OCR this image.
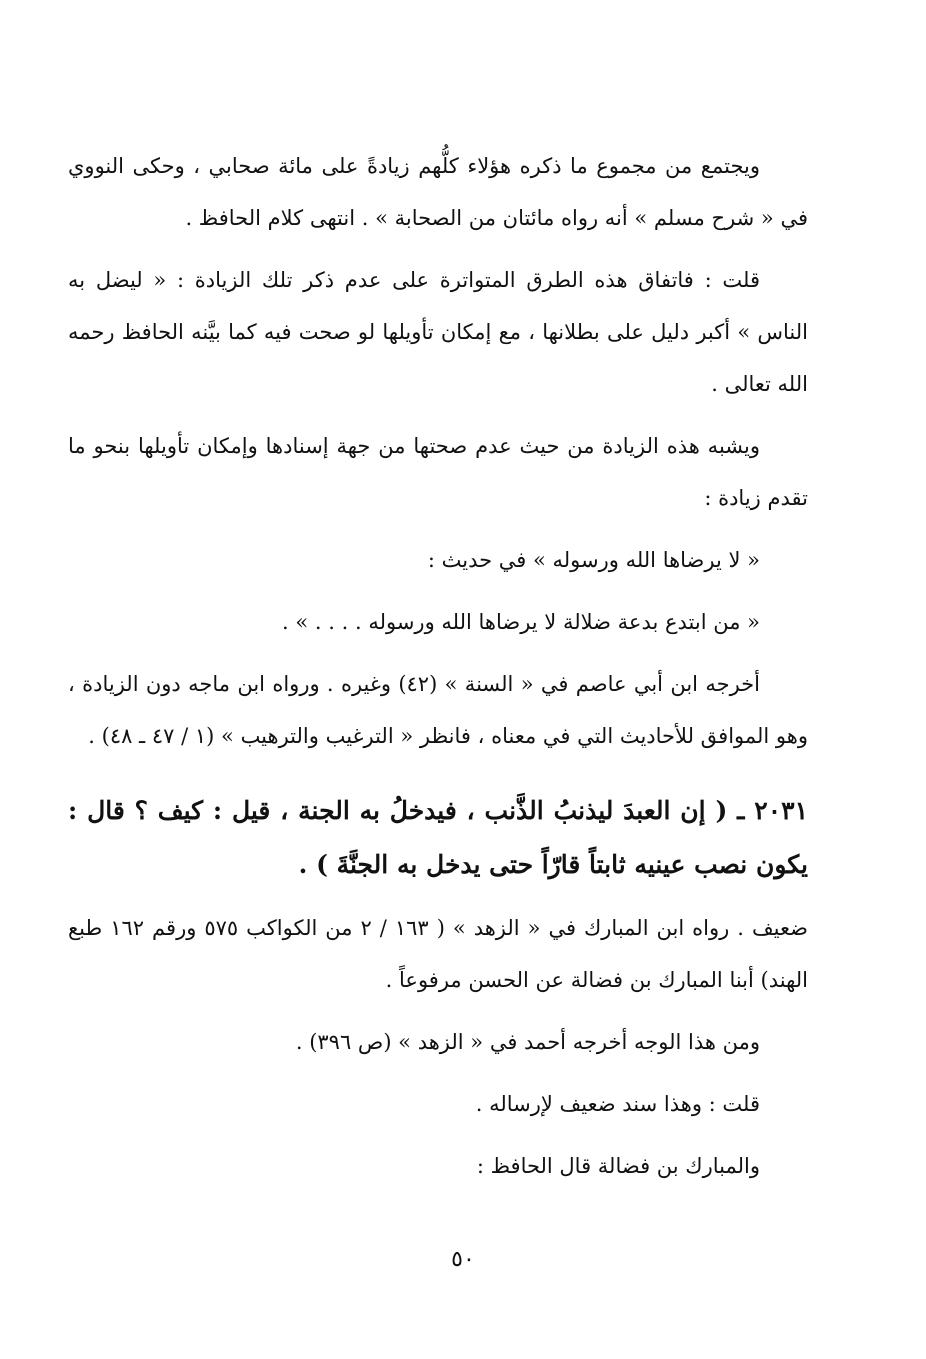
ويجتمع من مجموع ما ذكره هؤلاء كلُّهم زيادةً على مائة صحابي ، وحكى النووي في « شرح مسلم » أنه رواه مائتان من الصحابة » . انتهى كلام الحافظ .

قلت : فاتفاق هذه الطرق المتواترة على عدم ذكر تلك الزيادة : « ليضل به الناس » أكبر دليل على بطلانها ، مع إمكان تأويلها لو صحت فيه كما بيَّنه الحافظ رحمه الله تعالى .

ويشبه هذه الزيادة من حيث عدم صحتها من جهة إسنادها وإمكان تأويلها بنحو ما تقدم زيادة :

« لا يرضاها الله ورسوله » في حديث :

« من ابتدع بدعة ضلالة لا يرضاها الله ورسوله . . . . » .

أخرجه ابن أبي عاصم في « السنة » (٤٢) وغيره . ورواه ابن ماجه دون الزيادة ، وهو الموافق للأحاديث التي في معناه ، فانظر « الترغيب والترهيب » (١ / ٤٧ ـ ٤٨) .

٢٠٣١ ـ ( إن العبدَ ليذنبُ الذَّنب ، فيدخلُ به الجنة ، قيل : كيف ؟ قال : يكون نصب عينيه ثابتاً قارّاً حتى يدخل به الجنَّةَ ) .

ضعيف . رواه ابن المبارك في « الزهد » ( ١٦٣ / ٢ من الكواكب ٥٧٥ ورقم ١٦٢ طبع الهند) أبنا المبارك بن فضالة عن الحسن مرفوعاً .

ومن هذا الوجه أخرجه أحمد في « الزهد » (ص ٣٩٦) .

قلت : وهذا سند ضعيف لإرساله .

والمبارك بن فضالة قال الحافظ :

٥٠
